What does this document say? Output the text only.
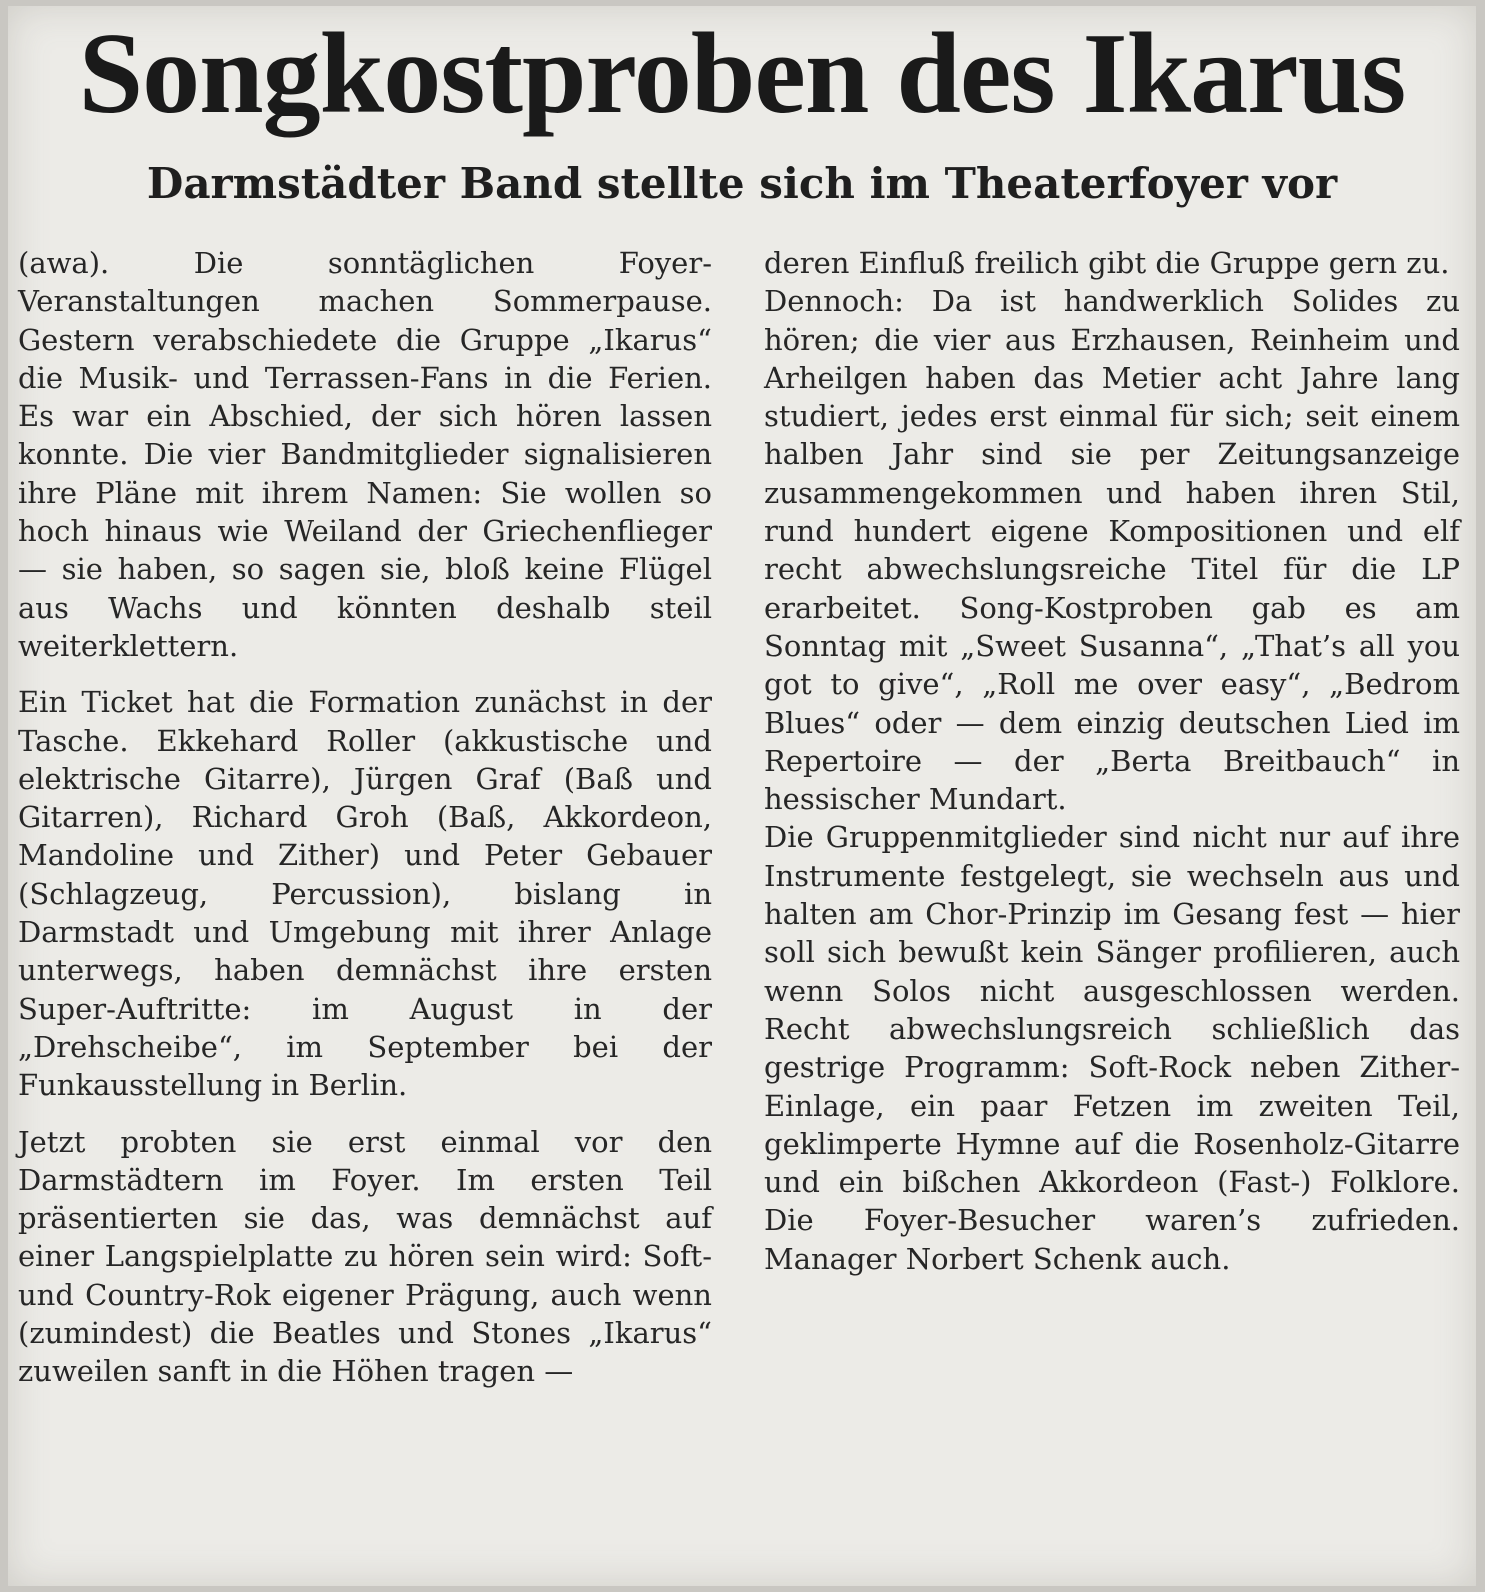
Songkostproben des Ikarus
Darmstädter Band stellte sich im Theaterfoyer vor

(awa). Die sonntäglichen Foyer-Veranstaltungen machen Sommerpause. Gestern verabschiedete die Gruppe „Ikarus“ die Musik- und Terrassen-Fans in die Ferien. Es war ein Abschied, der sich hören lassen konnte. Die vier Bandmitglieder signalisieren ihre Pläne mit ihrem Namen: Sie wollen so hoch hinaus wie Weiland der Griechenflieger — sie haben, so sagen sie, bloß keine Flügel aus Wachs und könnten deshalb steil weiterklettern.

Ein Ticket hat die Formation zunächst in der Tasche. Ekkehard Roller (akkustische und elektrische Gitarre), Jürgen Graf (Baß und Gitarren), Richard Groh (Baß, Akkordeon, Mandoline und Zither) und Peter Gebauer (Schlagzeug, Percussion), bislang in Darmstadt und Umgebung mit ihrer Anlage unterwegs, haben demnächst ihre ersten Super-Auftritte: im August in der „Drehscheibe“, im September bei der Funkausstellung in Berlin.

Jetzt probten sie erst einmal vor den Darmstädtern im Foyer. Im ersten Teil präsentierten sie das, was demnächst auf einer Langspielplatte zu hören sein wird: Soft- und Country-Rok eigener Prägung, auch wenn (zumindest) die Beatles und Stones „Ikarus“ zuweilen sanft in die Höhen tragen —

deren Einfluß freilich gibt die Gruppe gern zu.

Dennoch: Da ist handwerklich Solides zu hören; die vier aus Erzhausen, Reinheim und Arheilgen haben das Metier acht Jahre lang studiert, jedes erst einmal für sich; seit einem halben Jahr sind sie per Zeitungsanzeige zusammengekommen und haben ihren Stil, rund hundert eigene Kompositionen und elf recht abwechslungsreiche Titel für die LP erarbeitet. Song-Kostproben gab es am Sonntag mit „Sweet Susanna“, „That’s all you got to give“, „Roll me over easy“, „Bedrom Blues“ oder — dem einzig deutschen Lied im Repertoire — der „Berta Breitbauch“ in hessischer Mundart.

Die Gruppenmitglieder sind nicht nur auf ihre Instrumente festgelegt, sie wechseln aus und halten am Chor-Prinzip im Gesang fest — hier soll sich bewußt kein Sänger profilieren, auch wenn Solos nicht ausgeschlossen werden. Recht abwechslungsreich schließlich das gestrige Programm: Soft-Rock neben Zither-Einlage, ein paar Fetzen im zweiten Teil, geklimperte Hymne auf die Rosenholz-Gitarre und ein bißchen Akkordeon (Fast-) Folklore. Die Foyer-Besucher waren’s zufrieden. Manager Norbert Schenk auch.
